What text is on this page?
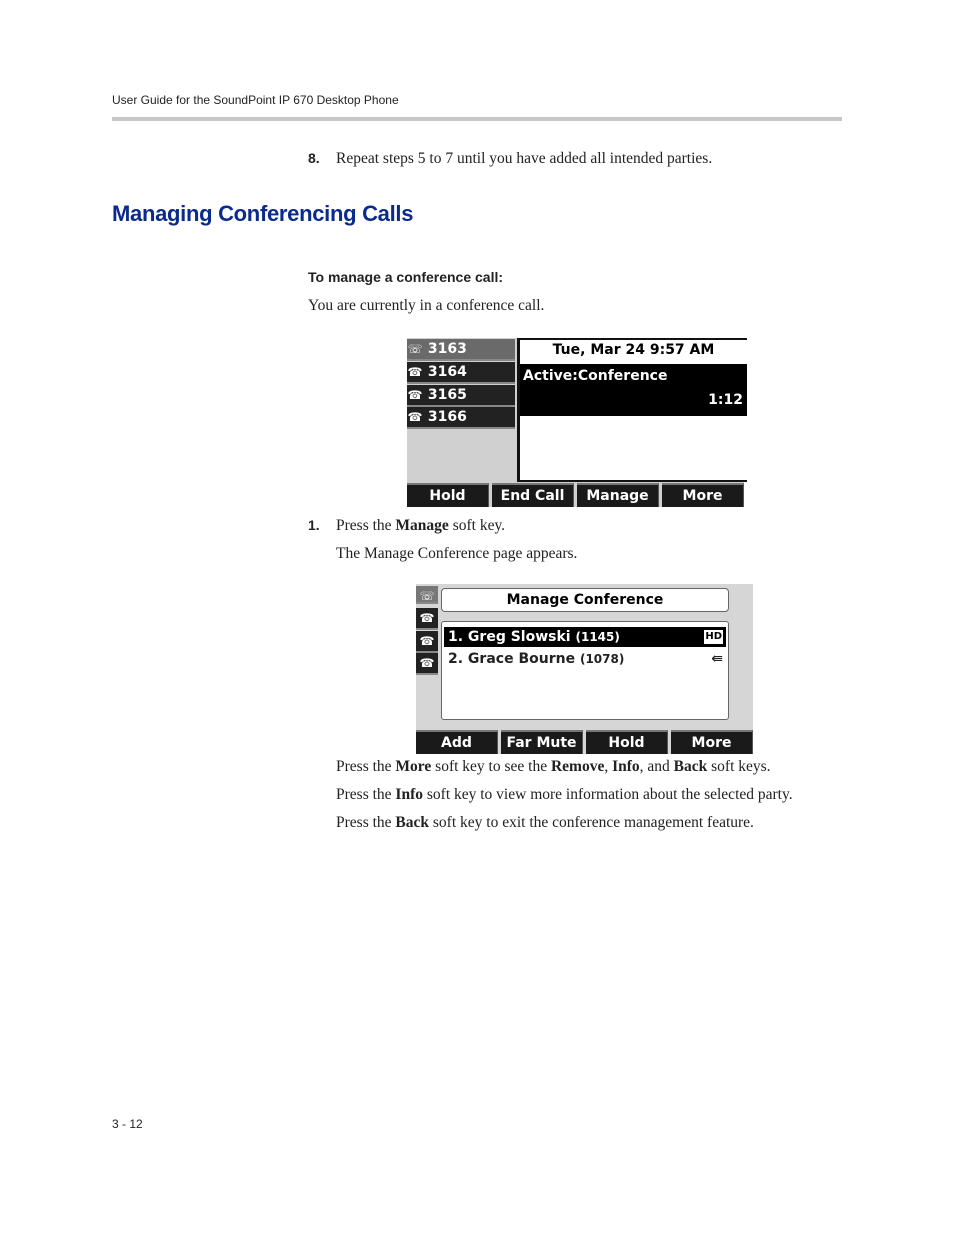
User Guide for the SoundPoint IP 670 Desktop Phone
8. Repeat steps 5 to 7 until you have added all intended parties.
Managing Conferencing Calls
To manage a conference call:
You are currently in a conference call.
☏ 3163
☎ 3164
☎ 3165
☎ 3166
Tue, Mar 24 9:57 AM
Active:Conference
1:12
Hold	End Call	Manage	More
1. Press the Manage soft key.
The Manage Conference page appears.
☏
☎
☎
☎
Manage Conference
1. Greg Slowski (1145)	HD
2. Grace Bourne (1078)	⇚
Add	Far Mute	Hold	More
Press the More soft key to see the Remove, Info, and Back soft keys.
Press the Info soft key to view more information about the selected party.
Press the Back soft key to exit the conference management feature.
3 - 12
